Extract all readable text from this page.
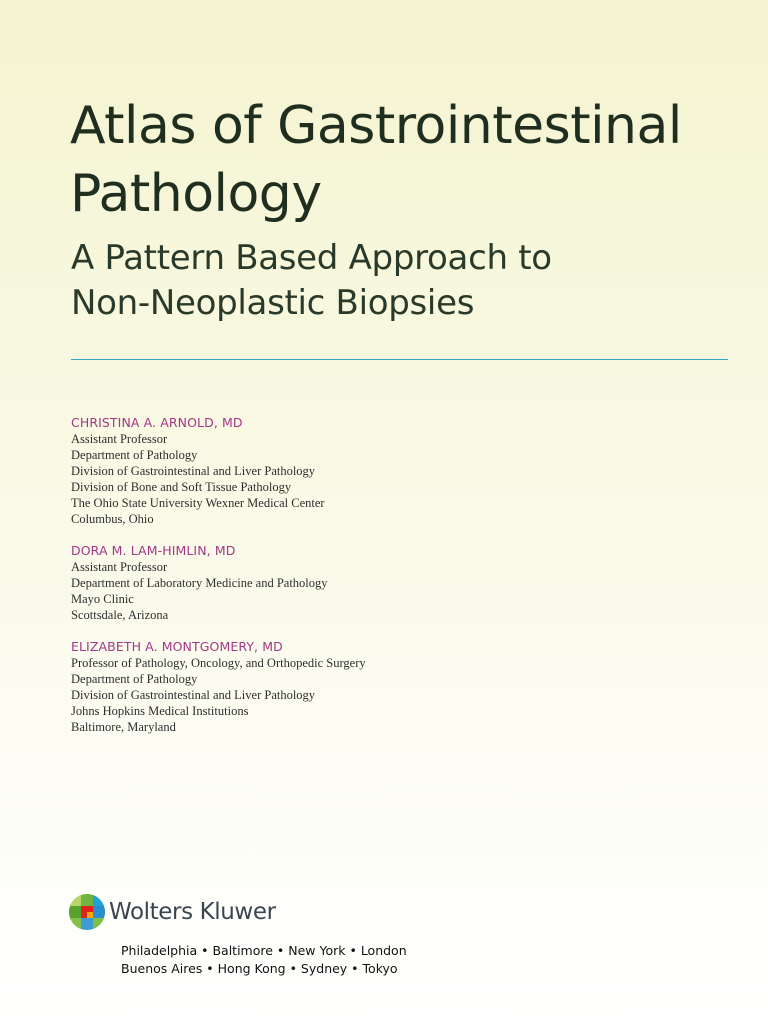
Atlas of Gastrointestinal
Pathology
A Pattern Based Approach to
Non-Neoplastic Biopsies
CHRISTINA A. ARNOLD, MD
Assistant Professor
Department of Pathology
Division of Gastrointestinal and Liver Pathology
Division of Bone and Soft Tissue Pathology
The Ohio State University Wexner Medical Center
Columbus, Ohio
DORA M. LAM-HIMLIN, MD
Assistant Professor
Department of Laboratory Medicine and Pathology
Mayo Clinic
Scottsdale, Arizona
ELIZABETH A. MONTGOMERY, MD
Professor of Pathology, Oncology, and Orthopedic Surgery
Department of Pathology
Division of Gastrointestinal and Liver Pathology
Johns Hopkins Medical Institutions
Baltimore, Maryland
Wolters Kluwer
Philadelphia • Baltimore • New York • London
Buenos Aires • Hong Kong • Sydney • Tokyo
